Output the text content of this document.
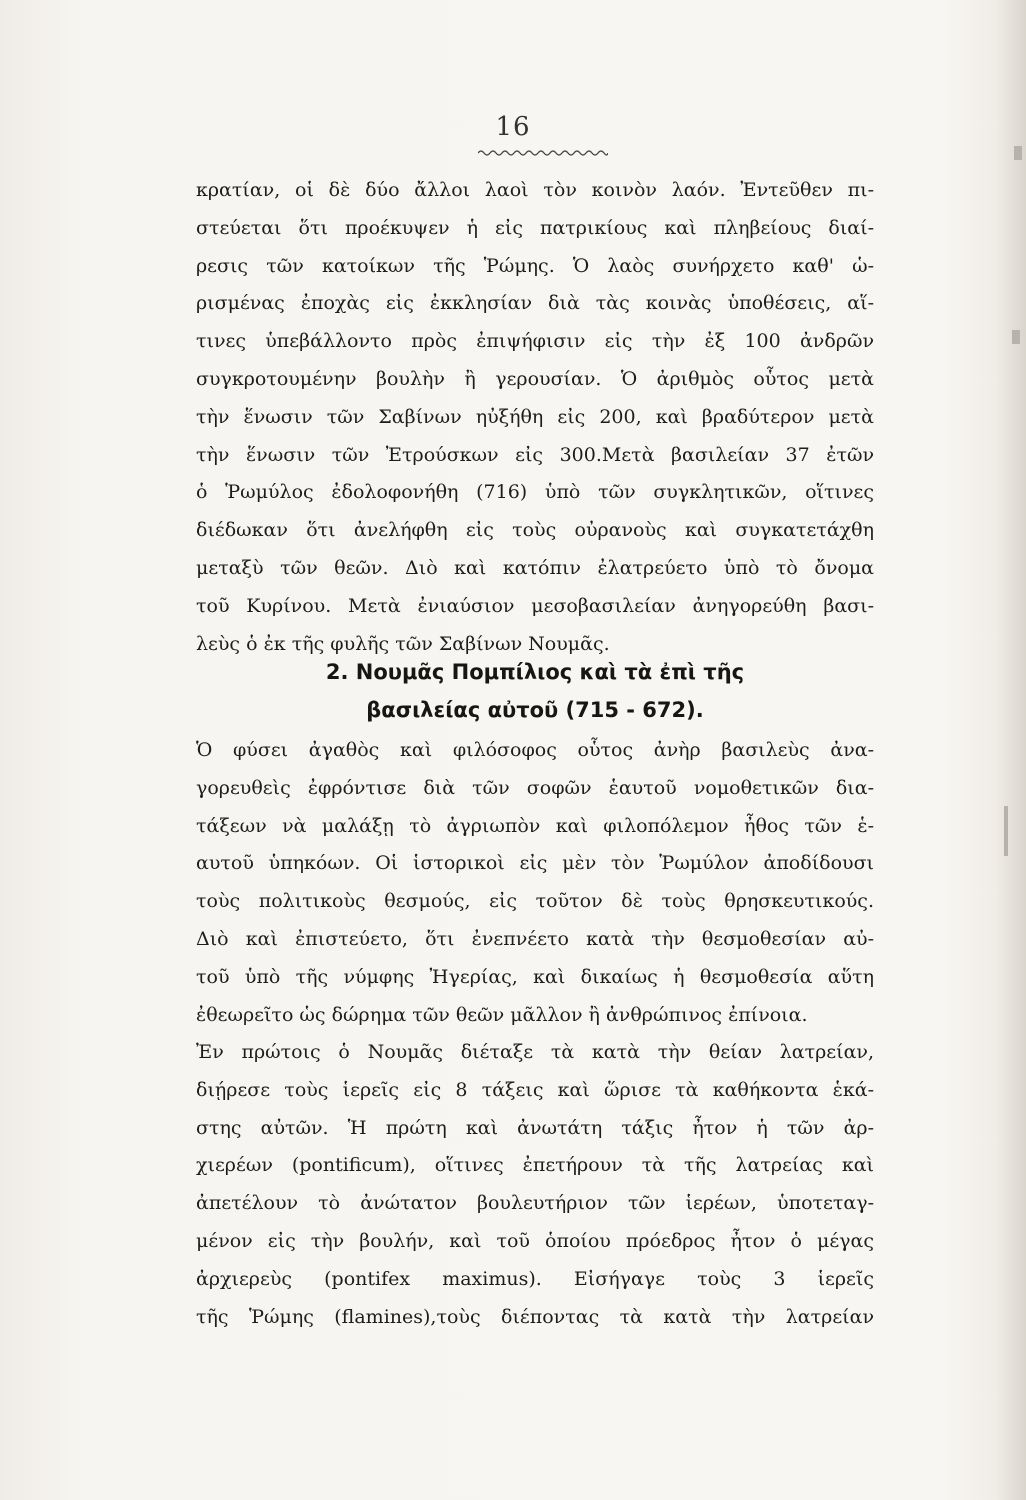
16
κρατίαν, οἱ δὲ δύο ἄλλοι λαοὶ τὸν κοινὸν λαόν. Ἐντεῦθεν πι-
στεύεται ὅτι προέκυψεν ἡ εἰς πατρικίους καὶ πληβείους διαί-
ρεσις τῶν κατοίκων τῆς Ῥώμης. Ὁ λαὸς συνήρχετο καθ' ὡ-
ρισμένας ἐποχὰς εἰς ἐκκλησίαν διὰ τὰς κοινὰς ὑποθέσεις, αἵ-
τινες ὑπεβάλλοντο πρὸς ἐπιψήφισιν εἰς τὴν ἐξ 100 ἀνδρῶν
συγκροτουμένην βουλὴν ἢ γερουσίαν. Ὁ ἀριθμὸς οὗτος μετὰ
τὴν ἕνωσιν τῶν Σαβίνων ηὐξήθη εἰς 200, καὶ βραδύτερον μετὰ
τὴν ἕνωσιν τῶν Ἐτρούσκων εἰς 300.Μετὰ βασιλείαν 37 ἐτῶν
ὁ Ῥωμύλος ἐδολοφονήθη (716) ὑπὸ τῶν συγκλητικῶν, οἵτινες
διέδωκαν ὅτι ἀνελήφθη εἰς τοὺς οὐρανοὺς καὶ συγκατετάχθη
μεταξὺ τῶν θεῶν. Διὸ καὶ κατόπιν ἐλατρεύετο ὑπὸ τὸ ὄνομα
τοῦ Κυρίνου. Μετὰ ἐνιαύσιον μεσοβασιλείαν ἀνηγορεύθη βασι-
λεὺς ὁ ἐκ τῆς φυλῆς τῶν Σαβίνων Νουμᾶς.
2. Νουμᾶς Πομπίλιος καὶ τὰ ἐπὶ τῆς
βασιλείας αὐτοῦ (715 - 672).
Ὁ φύσει ἀγαθὸς καὶ φιλόσοφος οὗτος ἀνὴρ βασιλεὺς ἀνα-
γορευθεὶς ἐφρόντισε διὰ τῶν σοφῶν ἑαυτοῦ νομοθετικῶν δια-
τάξεων νὰ μαλάξῃ τὸ ἀγριωπὸν καὶ φιλοπόλεμον ἦθος τῶν ἑ-
αυτοῦ ὑπηκόων. Οἱ ἱστορικοὶ εἰς μὲν τὸν Ῥωμύλον ἀποδίδουσι
τοὺς πολιτικοὺς θεσμούς, εἰς τοῦτον δὲ τοὺς θρησκευτικούς.
Διὸ καὶ ἐπιστεύετο, ὅτι ἐνεπνέετο κατὰ τὴν θεσμοθεσίαν αὐ-
τοῦ ὑπὸ τῆς νύμφης Ἠγερίας, καὶ δικαίως ἡ θεσμοθεσία αὕτη
ἐθεωρεῖτο ὡς δώρημα τῶν θεῶν μᾶλλον ἢ ἀνθρώπινος ἐπίνοια.
Ἐν πρώτοις ὁ Νουμᾶς διέταξε τὰ κατὰ τὴν θείαν λατρείαν,
διῄρεσε τοὺς ἱερεῖς εἰς 8 τάξεις καὶ ὥρισε τὰ καθήκοντα ἑκά-
στης αὐτῶν. Ἡ πρώτη καὶ ἀνωτάτη τάξις ἦτον ἡ τῶν ἀρ-
χιερέων (pontificum), οἵτινες ἐπετήρουν τὰ τῆς λατρείας καὶ
ἀπετέλουν τὸ ἀνώτατον βουλευτήριον τῶν ἱερέων, ὑποτεταγ-
μένον εἰς τὴν βουλήν, καὶ τοῦ ὁποίου πρόεδρος ἦτον ὁ μέγας
ἀρχιερεὺς (pontifex maximus). Εἰσήγαγε τοὺς 3 ἱερεῖς
τῆς Ῥώμης (flamines),τοὺς διέποντας τὰ κατὰ τὴν λατρείαν
